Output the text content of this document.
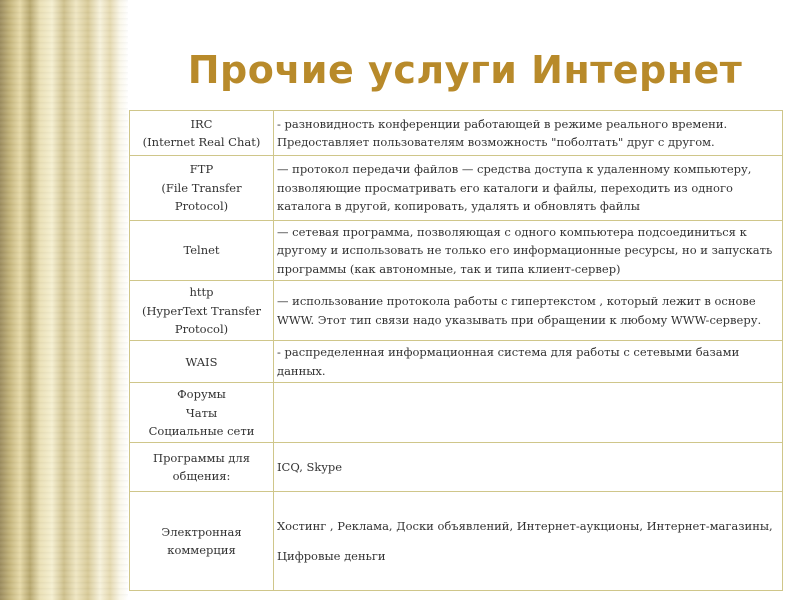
Прочие услуги Интернет
IRC
(Internet Real Chat)	- разновидность конференции работающей в режиме реального времени.
Предоставляет пользователям возможность "поболтать" друг с другом.

FTP
(File Transfer Protocol)	— протокол передачи файлов — средства доступа к удаленному компьютеру, позволяющие просматривать его каталоги и файлы, переходить из одного каталога в другой, копировать, удалять и обновлять файлы

Telnet	— сетевая программа, позволяющая с одного компьютера подсоединиться к другому и использовать не только его информационные ресурсы, но и запускать программы (как автономные, так и типа клиент-сервер)

http
(HyperText Transfer Protocol)	— использование протокола работы с гипертекстом , который лежит в основе WWW. Этот тип связи надо указывать при обращении к любому WWW-серверу.

WAIS	- распределенная информационная система для работы с сетевыми базами данных.

Форумы
Чаты
Социальные сети	

Программы для общения:	ICQ, Skype
Электронная коммерция	Хостинг , Реклама, Доски объявлений, Интернет-аукционы, Интернет-магазины,
Цифровые деньги
